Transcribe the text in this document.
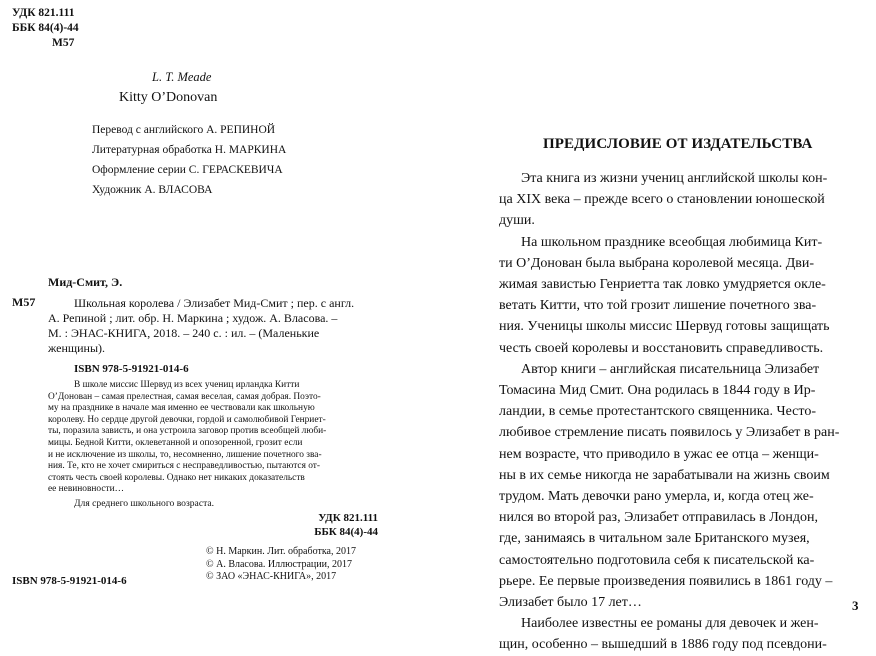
УДК 821.111
ББК 84(4)-44
М57
L. T. Meade
Kitty O’Donovan
Перевод с английского А. РЕПИНОЙ
Литературная обработка Н. МАРКИНА
Оформление серии С. ГЕРАСКЕВИЧА
Художник А. ВЛАСОВА
Мид-Смит, Э.
М57	Школьная королева / Элизабет Мид-Смит ; пер. с англ.
А. Репиной ; лит. обр. Н. Маркина ; худож. А. Власова. –
М. : ЭНАС-КНИГА, 2018. – 240 с. : ил. – (Маленькие
женщины).
ISBN 978-5-91921-014-6
В школе миссис Шервуд из всех учениц ирландка Китти
О’Донован – самая прелестная, самая веселая, самая добрая. Поэто-
му на празднике в начале мая именно ее чествовали как школьную
королеву. Но сердце другой девочки, гордой и самолюбивой Генриет-
ты, поразила зависть, и она устроила заговор против всеобщей люби-
мицы. Бедной Китти, оклеветанной и опозоренной, грозит если
и не исключение из школы, то, несомненно, лишение почетного зва-
ния. Те, кто не хочет смириться с несправедливостью, пытаются от-
стоять честь своей королевы. Однако нет никаких доказательств
ее невиновности…
Для среднего школьного возраста.
УДК 821.111
ББК 84(4)-44
© Н. Маркин. Лит. обработка, 2017
© А. Власова. Иллюстрации, 2017
© ЗАО «ЭНАС-КНИГА», 2017
ISBN 978-5-91921-014-6
ПРЕДИСЛОВИЕ ОТ ИЗДАТЕЛЬСТВА
Эта книга из жизни учениц английской школы кон-
ца XIX века – прежде всего о становлении юношеской
души.
На школьном празднике всеобщая любимица Кит-
ти О’Донован была выбрана королевой месяца. Дви-
жимая завистью Генриетта так ловко умудряется окле-
ветать Китти, что той грозит лишение почетного зва-
ния. Ученицы школы миссис Шервуд готовы защищать
честь своей королевы и восстановить справедливость.
Автор книги – английская писательница Элизабет
Томасина Мид Смит. Она родилась в 1844 году в Ир-
ландии, в семье протестантского священника. Често-
любивое стремление писать появилось у Элизабет в ран-
нем возрасте, что приводило в ужас ее отца – женщи-
ны в их семье никогда не зарабатывали на жизнь своим
трудом. Мать девочки рано умерла, и, когда отец же-
нился во второй раз, Элизабет отправилась в Лондон,
где, занимаясь в читальном зале Британского музея,
самостоятельно подготовила себя к писательской ка-
рьере. Ее первые произведения появились в 1861 году –
Элизабет было 17 лет…
Наиболее известны ее романы для девочек и жен-
щин, особенно – вышедший в 1886 году под псевдони-
3
